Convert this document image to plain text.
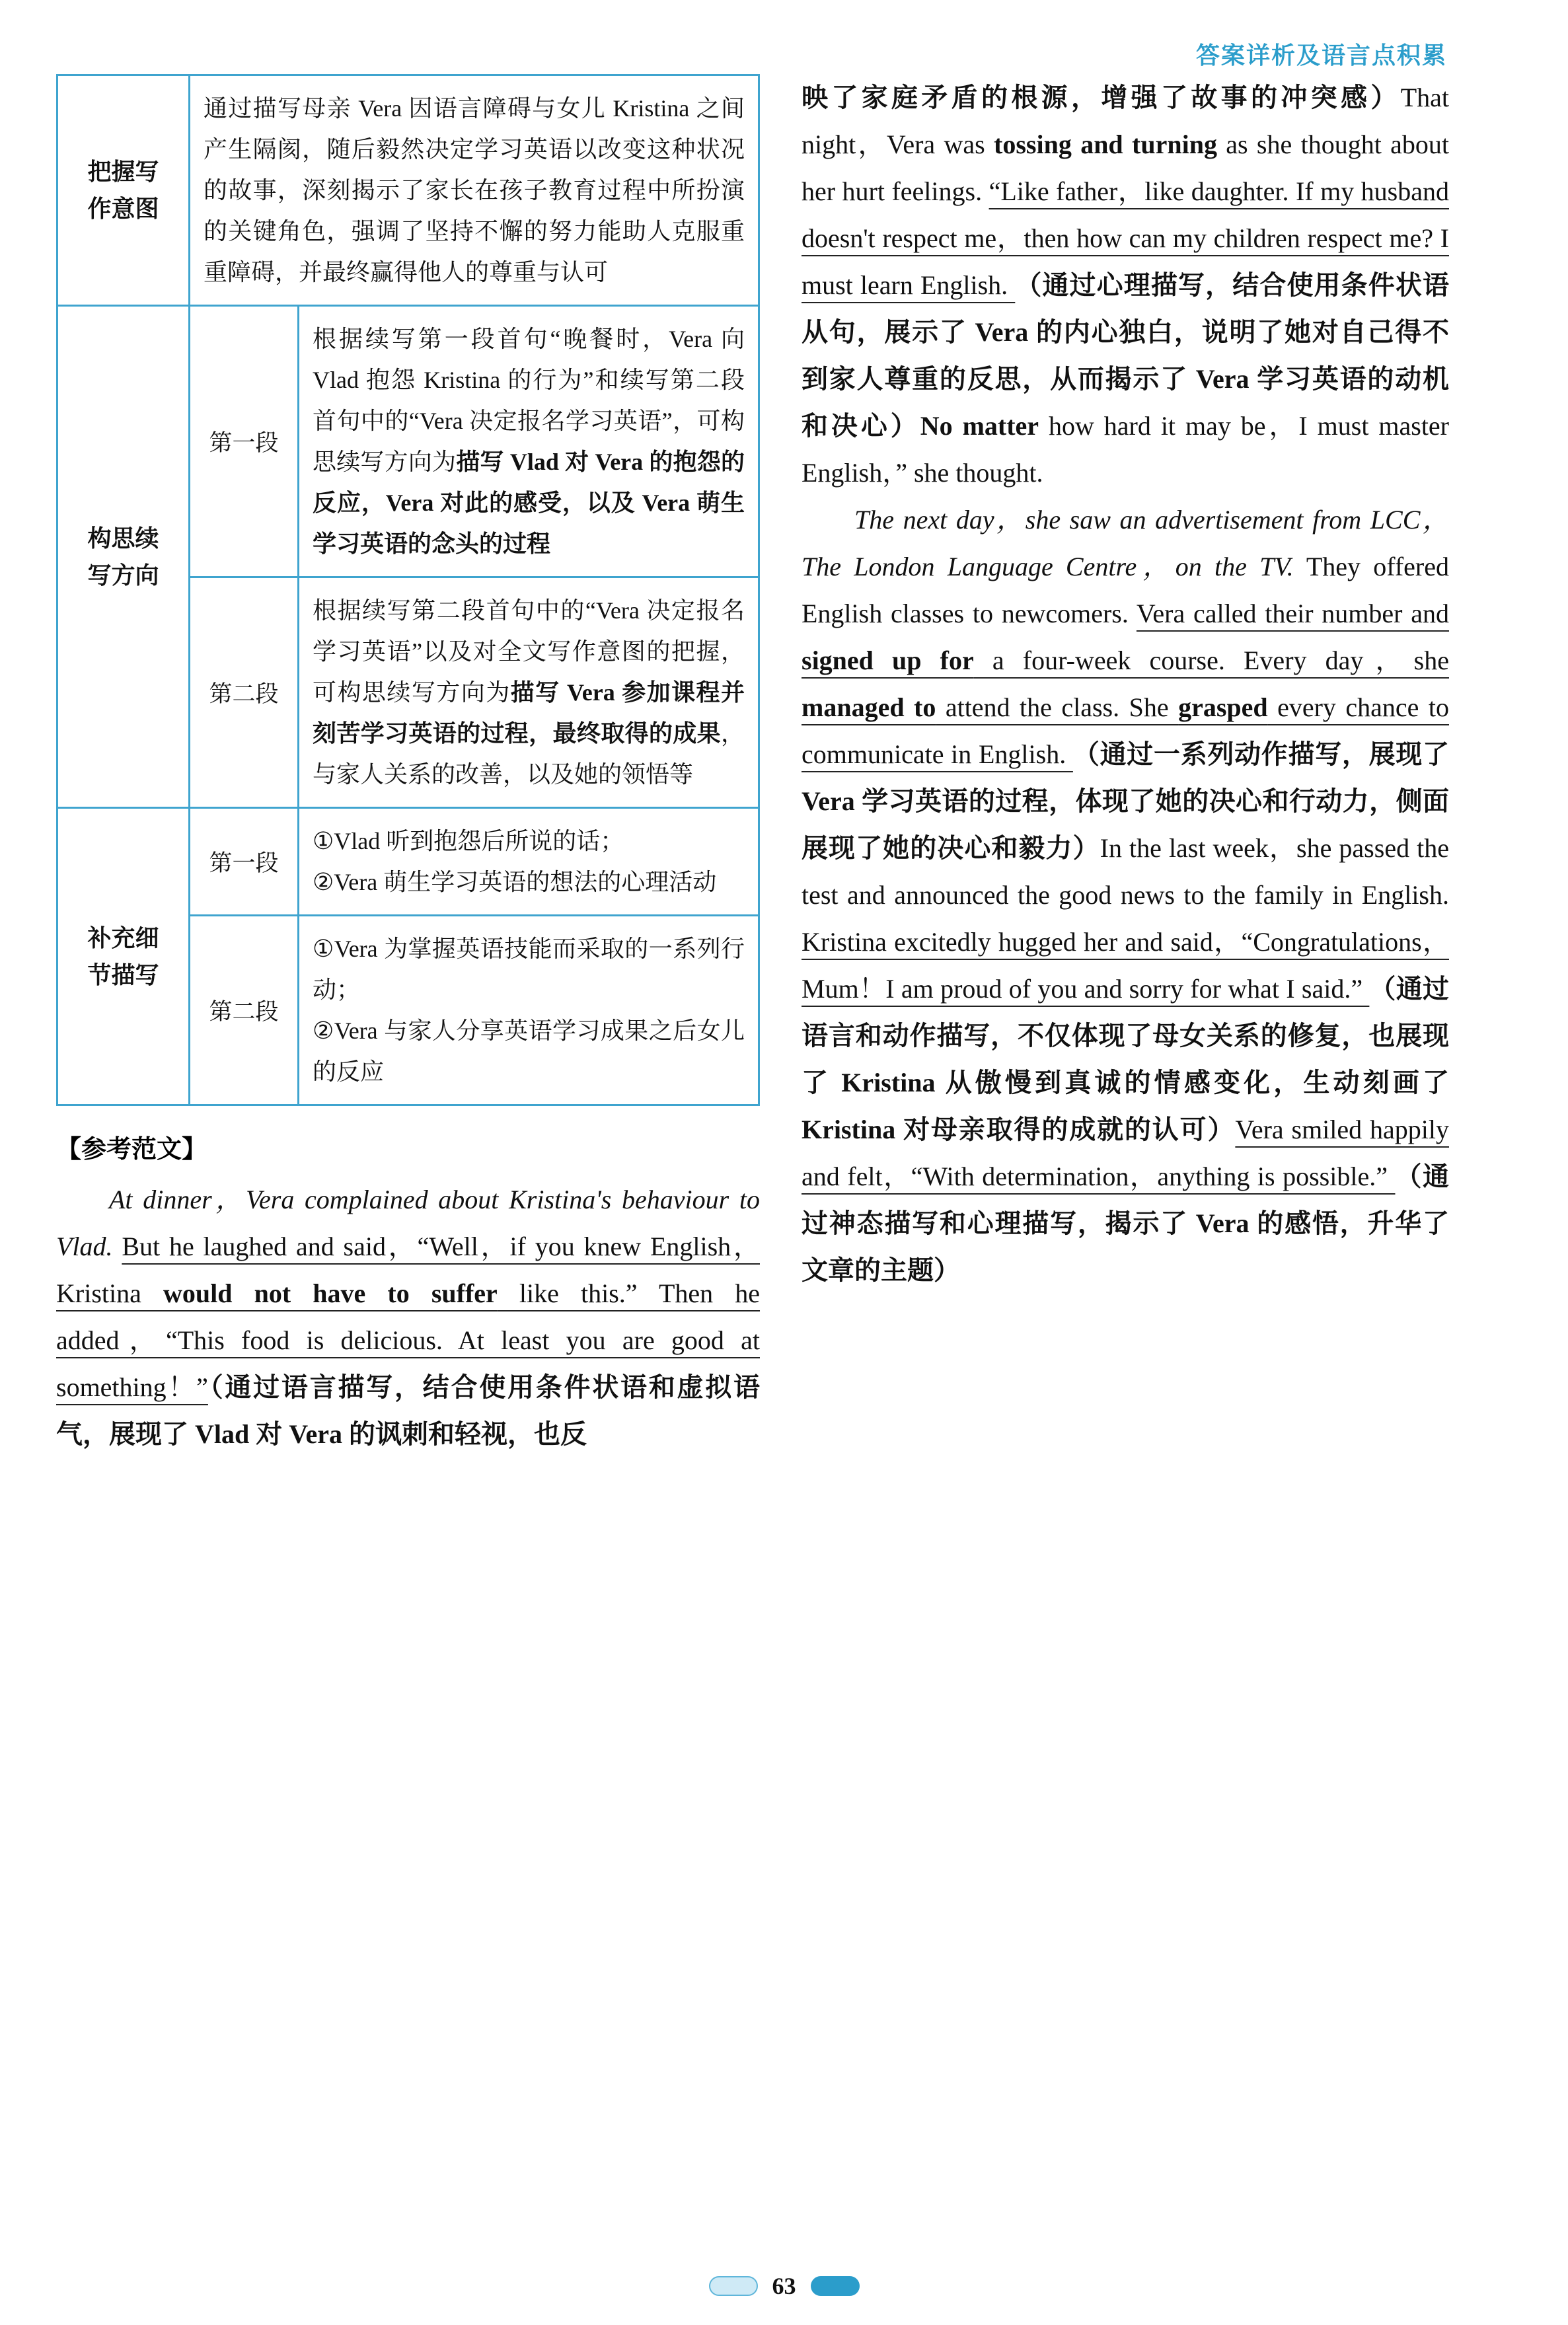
答案详析及语言点积累
把握写作意图	通过描写母亲 Vera 因语言障碍与女儿 Kristina 之间产生隔阂，随后毅然决定学习英语以改变这种状况的故事，深刻揭示了家长在孩子教育过程中所扮演的关键角色，强调了坚持不懈的努力能助人克服重重障碍，并最终赢得他人的尊重与认可	
构思续写方向	第一段	根据续写第一段首句“晚餐时，Vera 向 Vlad 抱怨 Kristina 的行为”和续写第二段首句中的“Vera 决定报名学习英语”，可构思续写方向为描写 Vlad 对 Vera 的抱怨的反应，Vera 对此的感受，以及 Vera 萌生学习英语的念头的过程
	第二段	根据续写第二段首句中的“Vera 决定报名学习英语”以及对全文写作意图的把握，可构思续写方向为描写 Vera 参加课程并刻苦学习英语的过程，最终取得的成果，与家人关系的改善，以及她的领悟等
补充细节描写	第一段	①Vlad 听到抱怨后所说的话；
②Vera 萌生学习英语的想法的心理活动

	第二段	①Vera 为掌握英语技能而采取的一系列行动；
②Vera 与家人分享英语学习成果之后女儿的反应
【参考范文】

At dinner，Vera complained about Kristina's behaviour to Vlad. But he laughed and said，“Well，if you knew English，Kristina would not have to suffer like this.” Then he added，“This food is delicious. At least you are good at something！”（通过语言描写，结合使用条件状语和虚拟语气，展现了 Vlad 对 Vera 的讽刺和轻视，也反

映了家庭矛盾的根源，增强了故事的冲突感）That night，Vera was tossing and turning as she thought about her hurt feelings. “Like father，like daughter. If my husband doesn't respect me，then how can my children respect me? I must learn English. （通过心理描写，结合使用条件状语从句，展示了 Vera 的内心独白，说明了她对自己得不到家人尊重的反思，从而揭示了 Vera 学习英语的动机和决心）No matter how hard it may be，I must master English，” she thought.

The next day，she saw an advertisement from LCC，The London Language Centre，on the TV. They offered English classes to newcomers. Vera called their number and signed up for a four-week course. Every day，she managed to attend the class. She grasped every chance to communicate in English. （通过一系列动作描写，展现了 Vera 学习英语的过程，体现了她的决心和行动力，侧面展现了她的决心和毅力）In the last week，she passed the test and announced the good news to the family in English. Kristina excitedly hugged her and said，“Congratulations，Mum！I am proud of you and sorry for what I said.” （通过语言和动作描写，不仅体现了母女关系的修复，也展现了 Kristina 从傲慢到真诚的情感变化，生动刻画了 Kristina 对母亲取得的成就的认可）Vera smiled happily and felt，“With determination，anything is possible.” （通过神态描写和心理描写，揭示了 Vera 的感悟，升华了文章的主题）

63
